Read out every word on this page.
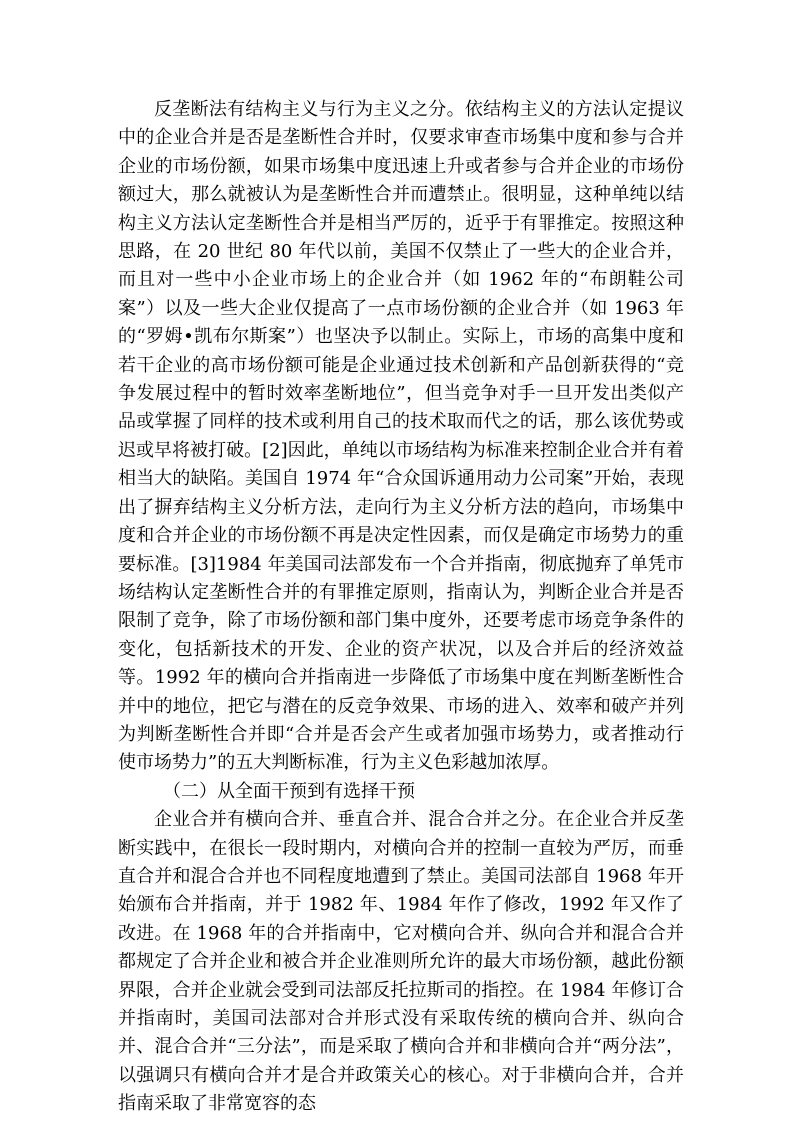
反垄断法有结构主义与行为主义之分。依结构主义的方法认定提议中的企业合并是否是垄断性合并时，仅要求审查市场集中度和参与合并企业的市场份额，如果市场集中度迅速上升或者参与合并企业的市场份额过大，那么就被认为是垄断性合并而遭禁止。很明显，这种单纯以结构主义方法认定垄断性合并是相当严厉的，近乎于有罪推定。按照这种思路，在 20 世纪 80 年代以前，美国不仅禁止了一些大的企业合并，而且对一些中小企业市场上的企业合并（如 1962 年的“布朗鞋公司案”）以及一些大企业仅提高了一点市场份额的企业合并（如 1963 年的“罗姆•凯布尔斯案”）也坚决予以制止。实际上，市场的高集中度和若干企业的高市场份额可能是企业通过技术创新和产品创新获得的“竞争发展过程中的暂时效率垄断地位”，但当竞争对手一旦开发出类似产品或掌握了同样的技术或利用自己的技术取而代之的话，那么该优势或迟或早将被打破。[2]因此，单纯以市场结构为标准来控制企业合并有着相当大的缺陷。美国自 1974 年“合众国诉通用动力公司案”开始，表现出了摒弃结构主义分析方法，走向行为主义分析方法的趋向，市场集中度和合并企业的市场份额不再是决定性因素，而仅是确定市场势力的重要标准。[3]1984 年美国司法部发布一个合并指南，彻底抛弃了单凭市场结构认定垄断性合并的有罪推定原则，指南认为，判断企业合并是否限制了竞争，除了市场份额和部门集中度外，还要考虑市场竞争条件的变化，包括新技术的开发、企业的资产状况，以及合并后的经济效益等。1992 年的横向合并指南进一步降低了市场集中度在判断垄断性合并中的地位，把它与潜在的反竞争效果、市场的进入、效率和破产并列为判断垄断性合并即“合并是否会产生或者加强市场势力，或者推动行使市场势力”的五大判断标准，行为主义色彩越加浓厚。

（二）从全面干预到有选择干预

企业合并有横向合并、垂直合并、混合合并之分。在企业合并反垄断实践中，在很长一段时期内，对横向合并的控制一直较为严厉，而垂直合并和混合合并也不同程度地遭到了禁止。美国司法部自 1968 年开始颁布合并指南，并于 1982 年、1984 年作了修改，1992 年又作了改进。在 1968 年的合并指南中，它对横向合并、纵向合并和混合合并都规定了合并企业和被合并企业准则所允许的最大市场份额，越此份额界限，合并企业就会受到司法部反托拉斯司的指控。在 1984 年修订合并指南时，美国司法部对合并形式没有采取传统的横向合并、纵向合并、混合合并“三分法”，而是采取了横向合并和非横向合并“两分法”，以强调只有横向合并才是合并政策关心的核心。对于非横向合并，合并指南采取了非常宽容的态
